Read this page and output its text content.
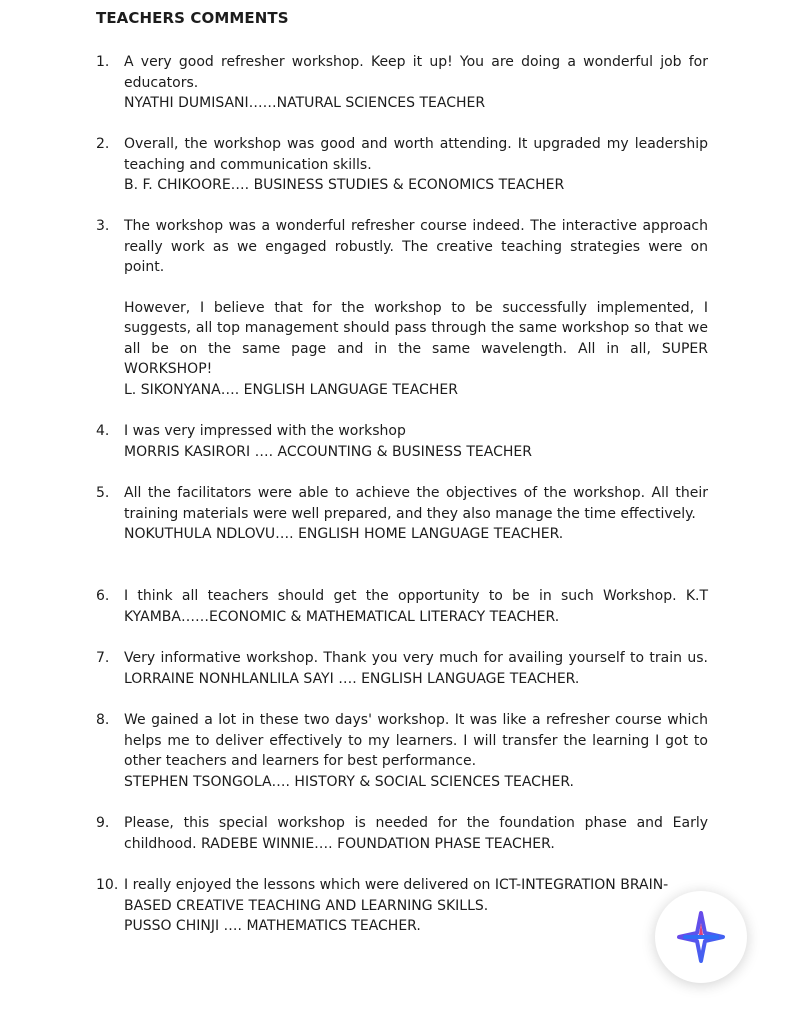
TEACHERS COMMENTS
1.	A very good refresher workshop. Keep it up! You are doing a wonderful job for educators.

NYATHI DUMISANI……NATURAL SCIENCES TEACHER

2.	Overall, the workshop was good and worth attending. It upgraded my leadership teaching and communication skills.

B. F. CHIKOORE…. BUSINESS STUDIES & ECONOMICS TEACHER

3.	The workshop was a wonderful refresher course indeed. The interactive approach really work as we engaged robustly. The creative teaching strategies were on point.

However, I believe that for the workshop to be successfully implemented, I suggests, all top management should pass through the same workshop so that we all be on the same page and in the same wavelength. All in all, SUPER WORKSHOP!

L. SIKONYANA…. ENGLISH LANGUAGE TEACHER

4.	I was very impressed with the workshop

MORRIS KASIRORI …. ACCOUNTING & BUSINESS TEACHER

5.	All the facilitators were able to achieve the objectives of the workshop. All their training materials were well prepared, and they also manage the time effectively.

NOKUTHULA NDLOVU…. ENGLISH HOME LANGUAGE TEACHER.

6.	I think all teachers should get the opportunity to be in such Workshop. K.T KYAMBA……ECONOMIC & MATHEMATICAL LITERACY TEACHER.

7.	Very informative workshop. Thank you very much for availing yourself to train us. LORRAINE NONHLANLILA SAYI …. ENGLISH LANGUAGE TEACHER.

8.	We gained a lot in these two days' workshop. It was like a refresher course which helps me to deliver effectively to my learners. I will transfer the learning I got to other teachers and learners for best performance.

STEPHEN TSONGOLA…. HISTORY & SOCIAL SCIENCES TEACHER.

9.	Please, this special workshop is needed for the foundation phase and Early childhood. RADEBE WINNIE…. FOUNDATION PHASE TEACHER.

10. I really enjoyed the lessons which were delivered on ICT-INTEGRATION BRAIN-BASED CREATIVE TEACHING AND LEARNING SKILLS.

PUSSO CHINJI …. MATHEMATICS TEACHER.
